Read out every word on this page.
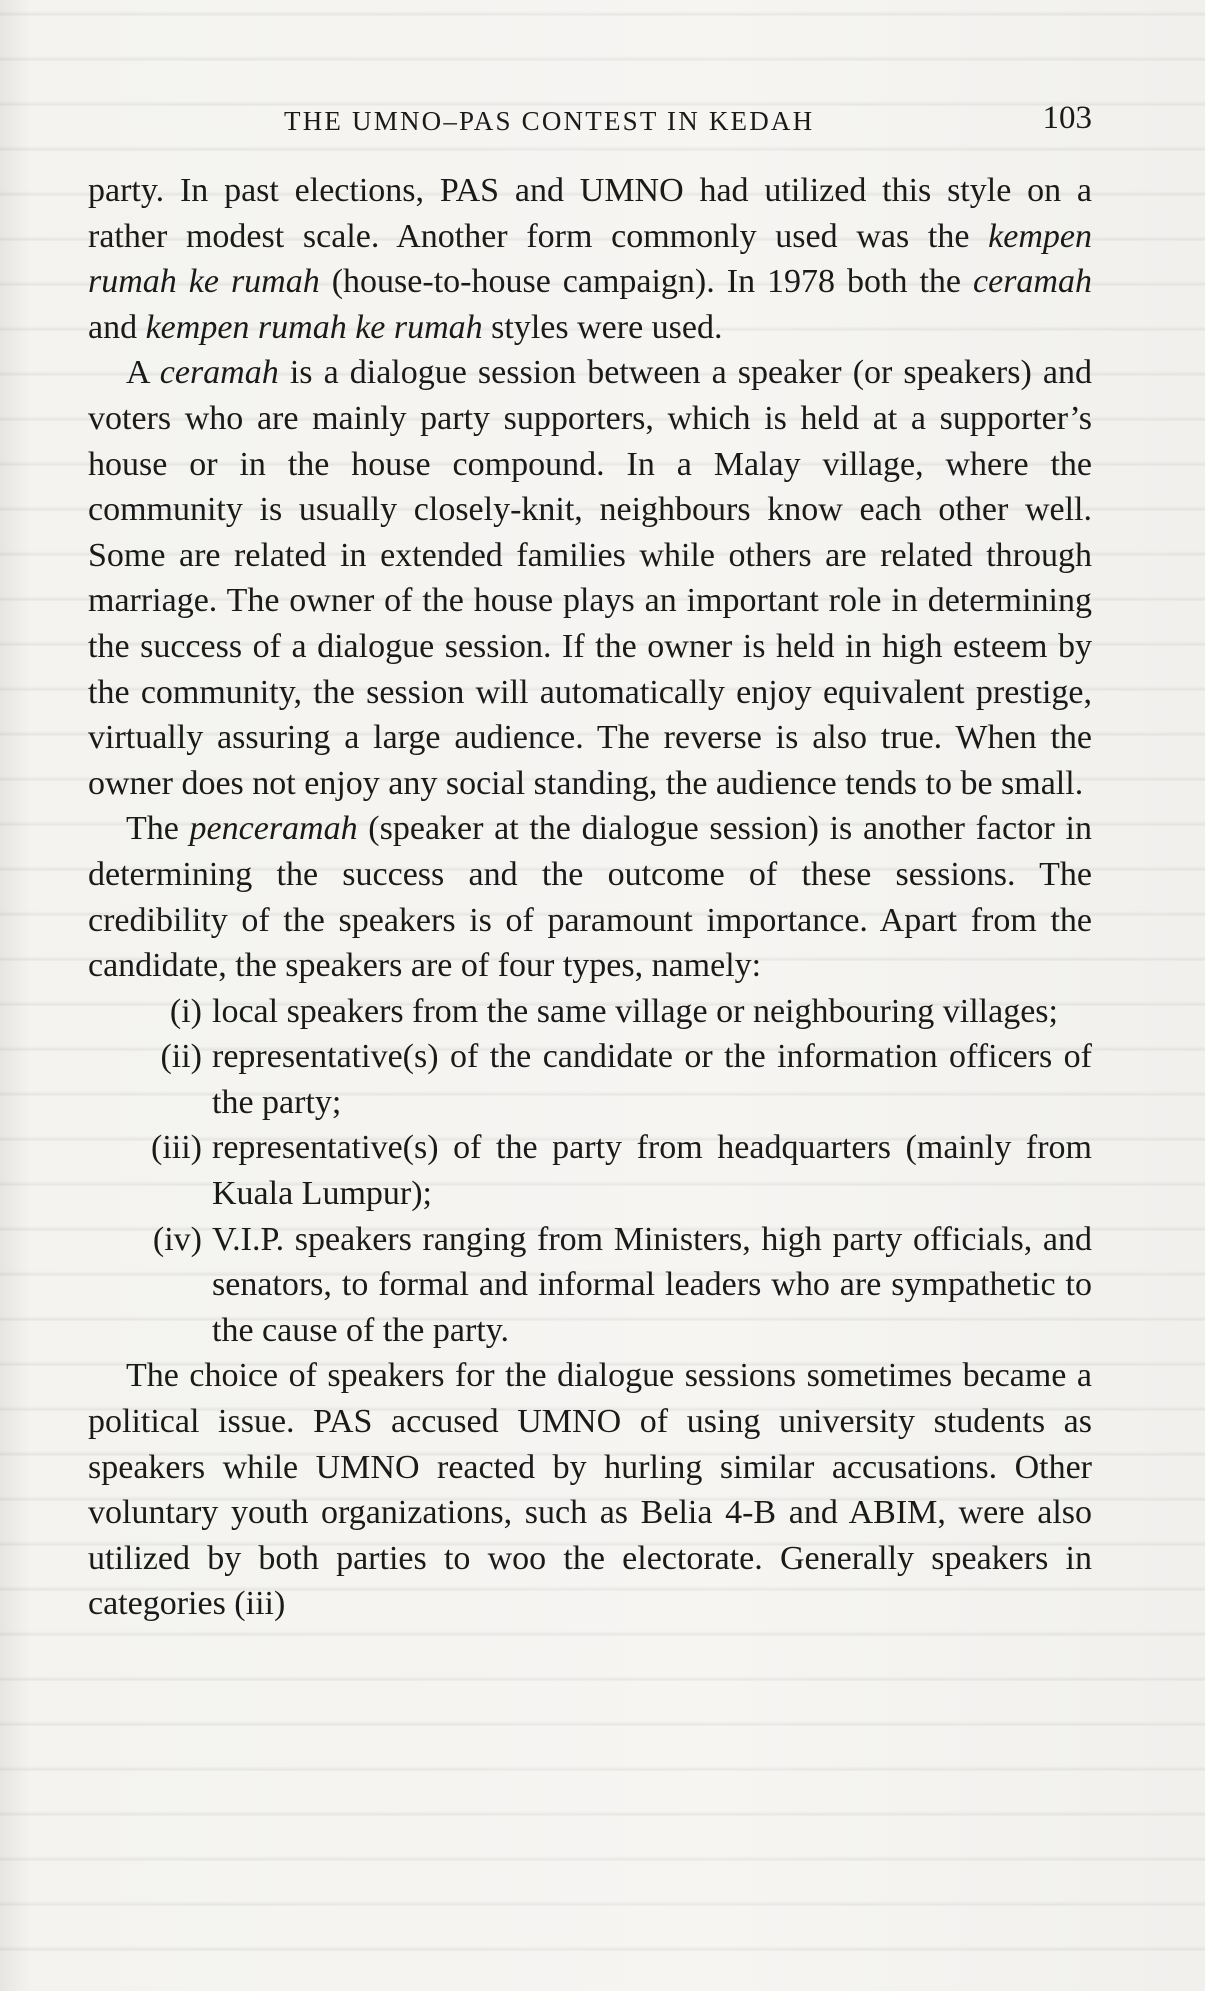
THE UMNO–PAS CONTEST IN KEDAH	103

party. In past elections, PAS and UMNO had utilized this style on a rather modest scale. Another form commonly used was the kempen rumah ke rumah (house-to-house campaign). In 1978 both the ceramah and kempen rumah ke rumah styles were used.

A ceramah is a dialogue session between a speaker (or speakers) and voters who are mainly party supporters, which is held at a supporter’s house or in the house compound. In a Malay village, where the community is usually closely-knit, neighbours know each other well. Some are related in extended families while others are related through marriage. The owner of the house plays an important role in determining the success of a dialogue session. If the owner is held in high esteem by the community, the session will automatically enjoy equivalent prestige, virtually assuring a large audience. The reverse is also true. When the owner does not enjoy any social standing, the audience tends to be small.

The penceramah (speaker at the dialogue session) is another factor in determining the success and the outcome of these sessions. The credibility of the speakers is of paramount importance. Apart from the candidate, the speakers are of four types, namely:

(i) local speakers from the same village or neighbouring villages;
(ii) representative(s) of the candidate or the information officers of the party;
(iii) representative(s) of the party from headquarters (mainly from Kuala Lumpur);
(iv) V.I.P. speakers ranging from Ministers, high party officials, and senators, to formal and informal leaders who are sympathetic to the cause of the party.

The choice of speakers for the dialogue sessions sometimes became a political issue. PAS accused UMNO of using university students as speakers while UMNO reacted by hurling similar accusations. Other voluntary youth organizations, such as Belia 4-B and ABIM, were also utilized by both parties to woo the electorate. Generally speakers in categories (iii)
